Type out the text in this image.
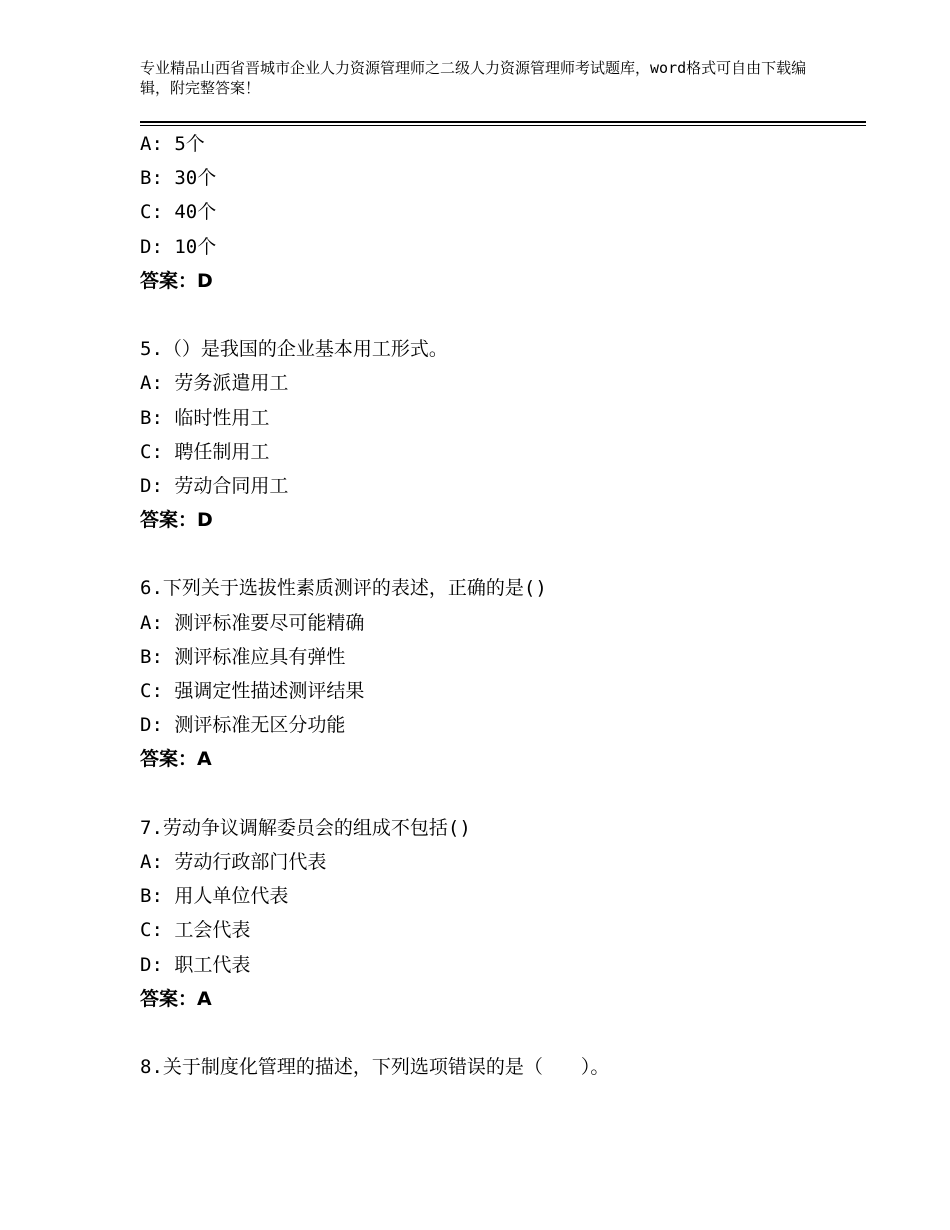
专业精品山西省晋城市企业人力资源管理师之二级人力资源管理师考试题库，word格式可自由下载编辑，附完整答案！
A: 5个
B: 30个
C: 40个
D: 10个
答案：D
5.（）是我国的企业基本用工形式。
A: 劳务派遣用工
B: 临时性用工
C: 聘任制用工
D: 劳动合同用工
答案：D
6.下列关于选拔性素质测评的表述，正确的是()
A: 测评标准要尽可能精确
B: 测评标准应具有弹性
C: 强调定性描述测评结果
D: 测评标准无区分功能
答案：A
7.劳动争议调解委员会的组成不包括()
A: 劳动行政部门代表
B: 用人单位代表
C: 工会代表
D: 职工代表
答案：A
8.关于制度化管理的描述，下列选项错误的是（　　）。
